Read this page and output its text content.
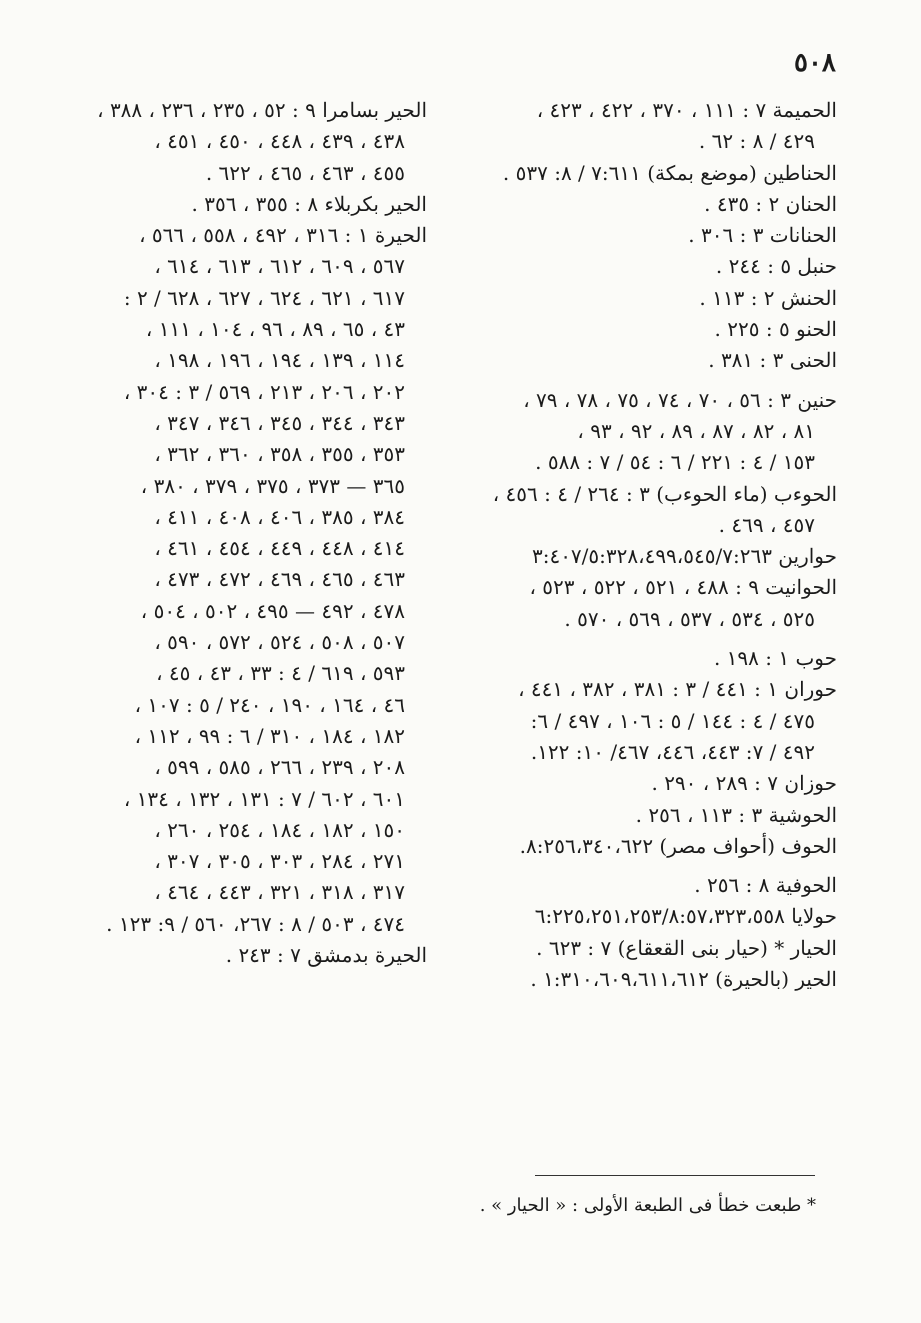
٥٠٨
الحميمة ٧ : ١١١ ، ٣٧٠ ، ٤٢٢ ، ٤٢٣ ،
٤٢٩ / ٨ : ٦٢ .
الحناطين (موضع بمكة) ٧:٦١١ / ٨: ٥٣٧ .
الحنان ٢ : ٤٣٥ .
الحنانات ٣ : ٣٠٦ .
حنبل ٥ : ٢٤٤ .
الحنش ٢ : ١١٣ .
الحنو ٥ : ٢٢٥ .
الحنى ٣ : ٣٨١ .
حنين ٣ : ٥٦ ، ٧٠ ، ٧٤ ، ٧٥ ، ٧٨ ، ٧٩ ،
٨١ ، ٨٢ ، ٨٧ ، ٨٩ ، ٩٢ ، ٩٣ ،
١٥٣ / ٤ : ٢٢١ / ٦ : ٥٤ / ٧ : ٥٨٨ .
الحوءب (ماء الحوءب) ٣ : ٢٦٤ / ٤ : ٤٥٦ ،
٤٥٧ ، ٤٦٩ .
حوارين ٣:٤٠٧/٥:٣٢٨،٤٩٩،٥٤٥/٧:٢٦٣
الحوانيت ٩ : ٤٨٨ ، ٥٢١ ، ٥٢٢ ، ٥٢٣ ،
٥٢٥ ، ٥٣٤ ، ٥٣٧ ، ٥٦٩ ، ٥٧٠ .
حوب ١ : ١٩٨ .
حوران ١ : ٤٤١ / ٣ : ٣٨١ ، ٣٨٢ ، ٤٤١ ،
٤٧٥ / ٤ : ١٤٤ / ٥ : ١٠٦ ، ٤٩٧ / ٦:
٤٩٢ / ٧: ٤٤٣، ٤٤٦، ٤٦٧/ ١٠: ١٢٢.
حوزان ٧ : ٢٨٩ ، ٢٩٠ .
الحوشية ٣ : ١١٣ ، ٢٥٦ .
الحوف (أحواف مصر) ٨:٢٥٦،٣٤٠،٦٢٢.
الحوفية ٨ : ٢٥٦ .
حولايا ٦:٢٢٥،٢٥١،٢٥٣/٨:٥٧،٣٢٣،٥٥٨
الحيار * (حيار بنى القعقاع) ٧ : ٦٢٣ .
الحير (بالحيرة) ١:٣١٠،٦٠٩،٦١١،٦١٢ .
الحير بسامرا ٩ : ٥٢ ، ٢٣٥ ، ٢٣٦ ، ٣٨٨ ،
٤٣٨ ، ٤٣٩ ، ٤٤٨ ، ٤٥٠ ، ٤٥١ ،
٤٥٥ ، ٤٦٣ ، ٤٦٥ ، ٦٢٢ .
الحير بكربلاء ٨ : ٣٥٥ ، ٣٥٦ .
الحيرة ١ : ٣١٦ ، ٤٩٢ ، ٥٥٨ ، ٥٦٦ ،
٥٦٧ ، ٦٠٩ ، ٦١٢ ، ٦١٣ ، ٦١٤ ،
٦١٧ ، ٦٢١ ، ٦٢٤ ، ٦٢٧ ، ٦٢٨ / ٢ :
٤٣ ، ٦٥ ، ٨٩ ، ٩٦ ، ١٠٤ ، ١١١ ،
١١٤ ، ١٣٩ ، ١٩٤ ، ١٩٦ ، ١٩٨ ،
٢٠٢ ، ٢٠٦ ، ٢١٣ ، ٥٦٩ / ٣ : ٣٠٤ ،
٣٤٣ ، ٣٤٤ ، ٣٤٥ ، ٣٤٦ ، ٣٤٧ ،
٣٥٣ ، ٣٥٥ ، ٣٥٨ ، ٣٦٠ ، ٣٦٢ ،
٣٦٥ — ٣٧٣ ، ٣٧٥ ، ٣٧٩ ، ٣٨٠ ،
٣٨٤ ، ٣٨٥ ، ٤٠٦ ، ٤٠٨ ، ٤١١ ،
٤١٤ ، ٤٤٨ ، ٤٤٩ ، ٤٥٤ ، ٤٦١ ،
٤٦٣ ، ٤٦٥ ، ٤٦٩ ، ٤٧٢ ، ٤٧٣ ،
٤٧٨ ، ٤٩٢ — ٤٩٥ ، ٥٠٢ ، ٥٠٤ ،
٥٠٧ ، ٥٠٨ ، ٥٢٤ ، ٥٧٢ ، ٥٩٠ ،
٥٩٣ ، ٦١٩ / ٤ : ٣٣ ، ٤٣ ، ٤٥ ،
٤٦ ، ١٦٤ ، ١٩٠ ، ٢٤٠ / ٥ : ١٠٧ ،
١٨٢ ، ١٨٤ ، ٣١٠ / ٦ : ٩٩ ، ١١٢ ،
٢٠٨ ، ٢٣٩ ، ٢٦٦ ، ٥٨٥ ، ٥٩٩ ،
٦٠١ ، ٦٠٢ / ٧ : ١٣١ ، ١٣٢ ، ١٣٤ ،
١٥٠ ، ١٨٢ ، ١٨٤ ، ٢٥٤ ، ٢٦٠ ،
٢٧١ ، ٢٨٤ ، ٣٠٣ ، ٣٠٥ ، ٣٠٧ ،
٣١٧ ، ٣١٨ ، ٣٢١ ، ٤٤٣ ، ٤٦٤ ،
٤٧٤ ، ٥٠٣ / ٨ : ٢٦٧، ٥٦٠ / ٩: ١٢٣ .
الحيرة بدمشق ٧ : ٢٤٣ .
* طبعت خطأ فى الطبعة الأولى : « الحيار » .
